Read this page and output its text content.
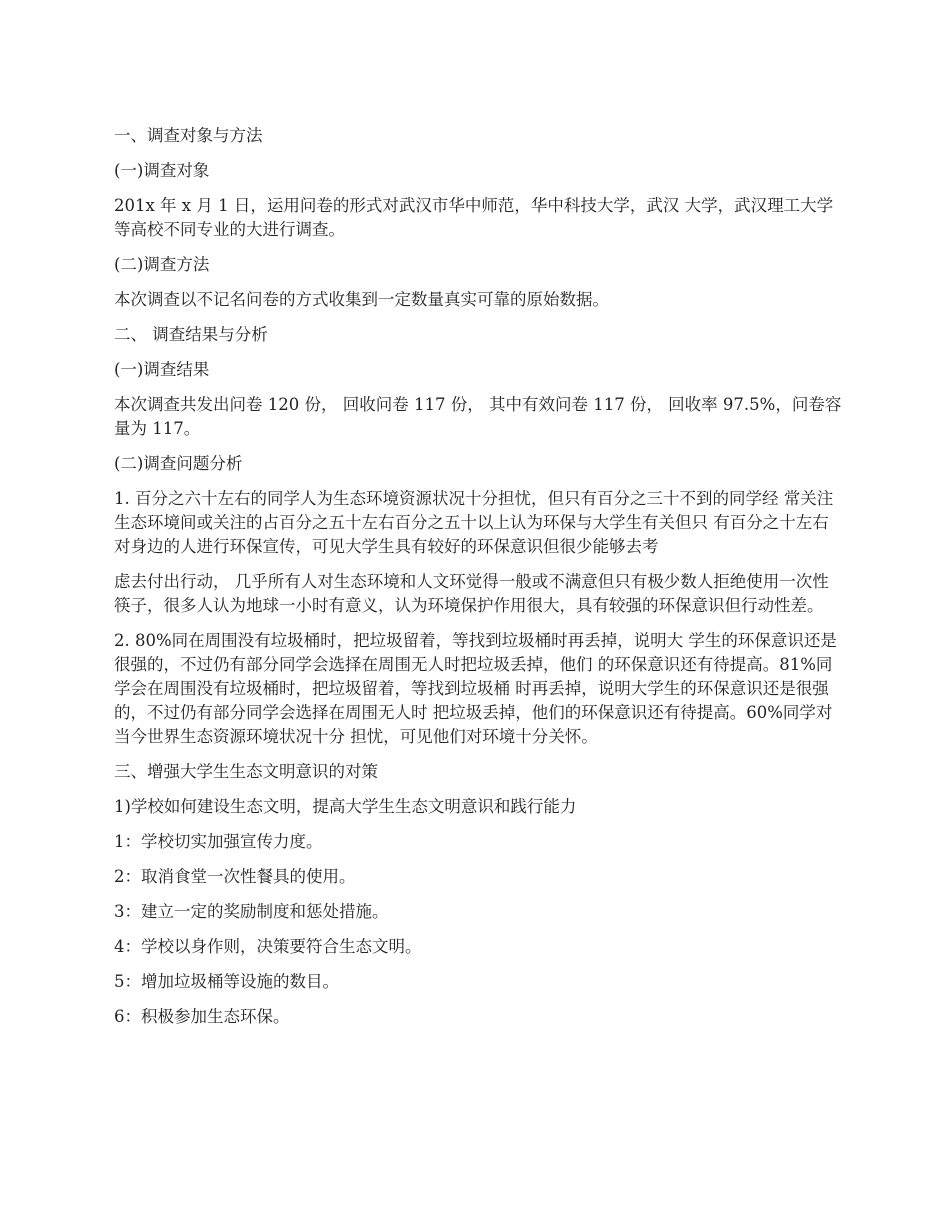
一、调查对象与方法

(一)调查对象

201x 年 x 月 1 日，运用问卷的形式对武汉市华中师范，华中科技大学，武汉 大学，武汉理工大学等高校不同专业的大进行调查。

(二)调查方法

本次调查以不记名问卷的方式收集到一定数量真实可靠的原始数据。

二、 调查结果与分析

(一)调查结果

本次调查共发出问卷 120 份， 回收问卷 117 份， 其中有效问卷 117 份， 回收率 97.5%，问卷容量为 117。

(二)调查问题分析

1. 百分之六十左右的同学人为生态环境资源状况十分担忧，但只有百分之三十不到的同学经 常关注生态环境间或关注的占百分之五十左右百分之五十以上认为环保与大学生有关但只 有百分之十左右对身边的人进行环保宣传，可见大学生具有较好的环保意识但很少能够去考

虑去付出行动， 几乎所有人对生态环境和人文环觉得一般或不满意但只有极少数人拒绝使用一次性筷子，很多人认为地球一小时有意义，认为环境保护作用很大，具有较强的环保意识但行动性差。

2. 80%同在周围没有垃圾桶时，把垃圾留着，等找到垃圾桶时再丢掉，说明大 学生的环保意识还是很强的，不过仍有部分同学会选择在周围无人时把垃圾丢掉，他们 的环保意识还有待提高。81%同学会在周围没有垃圾桶时，把垃圾留着，等找到垃圾桶 时再丢掉，说明大学生的环保意识还是很强的，不过仍有部分同学会选择在周围无人时 把垃圾丢掉，他们的环保意识还有待提高。60%同学对当今世界生态资源环境状况十分 担忧，可见他们对环境十分关怀。

三、增强大学生生态文明意识的对策

1)学校如何建设生态文明，提高大学生生态文明意识和践行能力

1：学校切实加强宣传力度。

2：取消食堂一次性餐具的使用。

3：建立一定的奖励制度和惩处措施。

4：学校以身作则，决策要符合生态文明。

5：增加垃圾桶等设施的数目。

6：积极参加生态环保。
